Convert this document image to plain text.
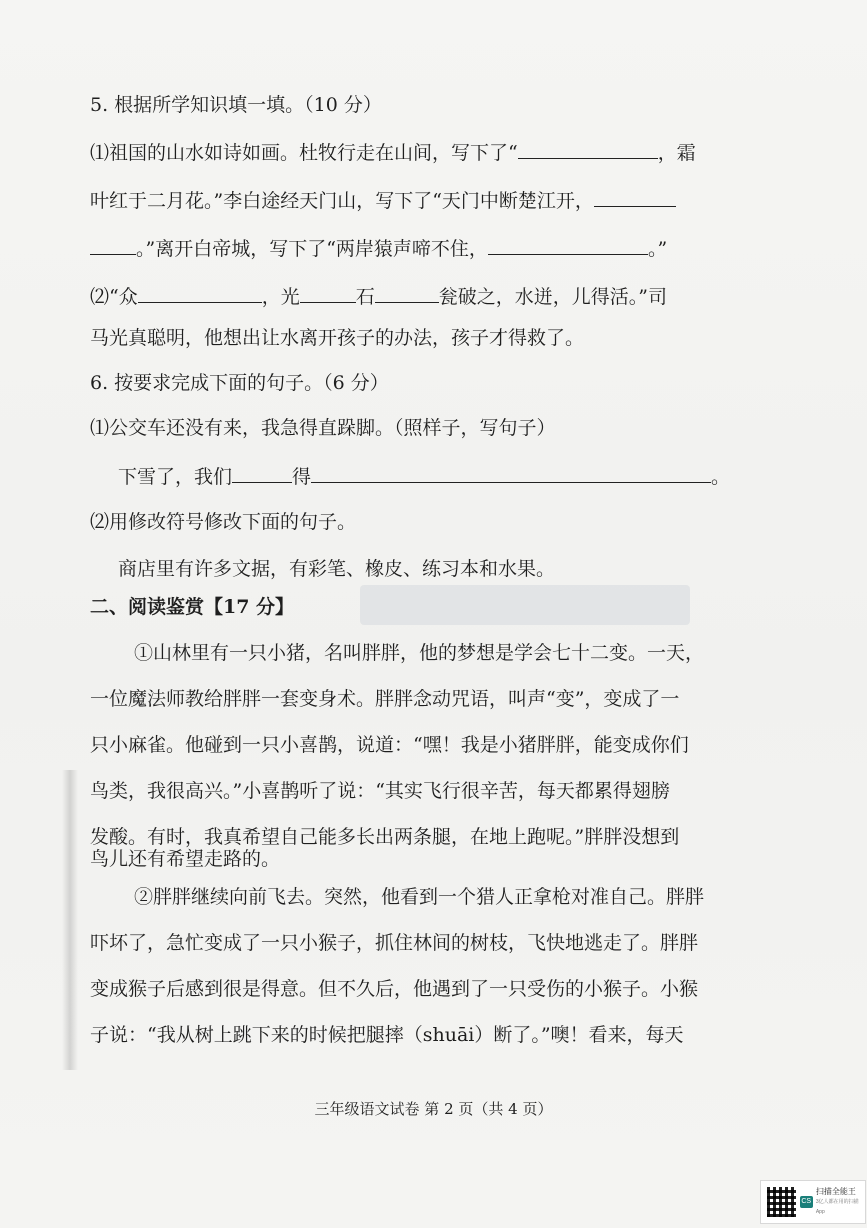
5. 根据所学知识填一填。（10 分）
⑴祖国的山水如诗如画。杜牧行走在山间，写下了“	，霜
叶红于二月花。”李白途经天门山，写下了“天门中断楚江开，
。”离开白帝城，写下了“两岸猿声啼不住，	。”
⑵“众	，光	石	瓮破之，水迸，儿得活。”司
马光真聪明，他想出让水离开孩子的办法，孩子才得救了。
6. 按要求完成下面的句子。（6 分）
⑴公交车还没有来，我急得直跺脚。（照样子，写句子）
下雪了，我们	得	。
⑵用修改符号修改下面的句子。
商店里有许多文据，有彩笔、橡皮、练习本和水果。
二、阅读鉴赏【17 分】
①山林里有一只小猪，名叫胖胖，他的梦想是学会七十二变。一天，
一位魔法师教给胖胖一套变身术。胖胖念动咒语，叫声“变”，变成了一
只小麻雀。他碰到一只小喜鹊，说道：“嘿！我是小猪胖胖，能变成你们
鸟类，我很高兴。”小喜鹊听了说：“其实飞行很辛苦，每天都累得翅膀
发酸。有时，我真希望自己能多长出两条腿，在地上跑呢。”胖胖没想到
鸟儿还有希望走路的。
②胖胖继续向前飞去。突然，他看到一个猎人正拿枪对准自己。胖胖
吓坏了，急忙变成了一只小猴子，抓住林间的树枝，飞快地逃走了。胖胖
变成猴子后感到很是得意。但不久后，他遇到了一只受伤的小猴子。小猴
子说：“我从树上跳下来的时候把腿摔（shuāi）断了。”噢！看来，每天
三年级语文试卷 第 2 页（共 4 页）
CS
扫描全能王
3亿人都在用的扫描App
